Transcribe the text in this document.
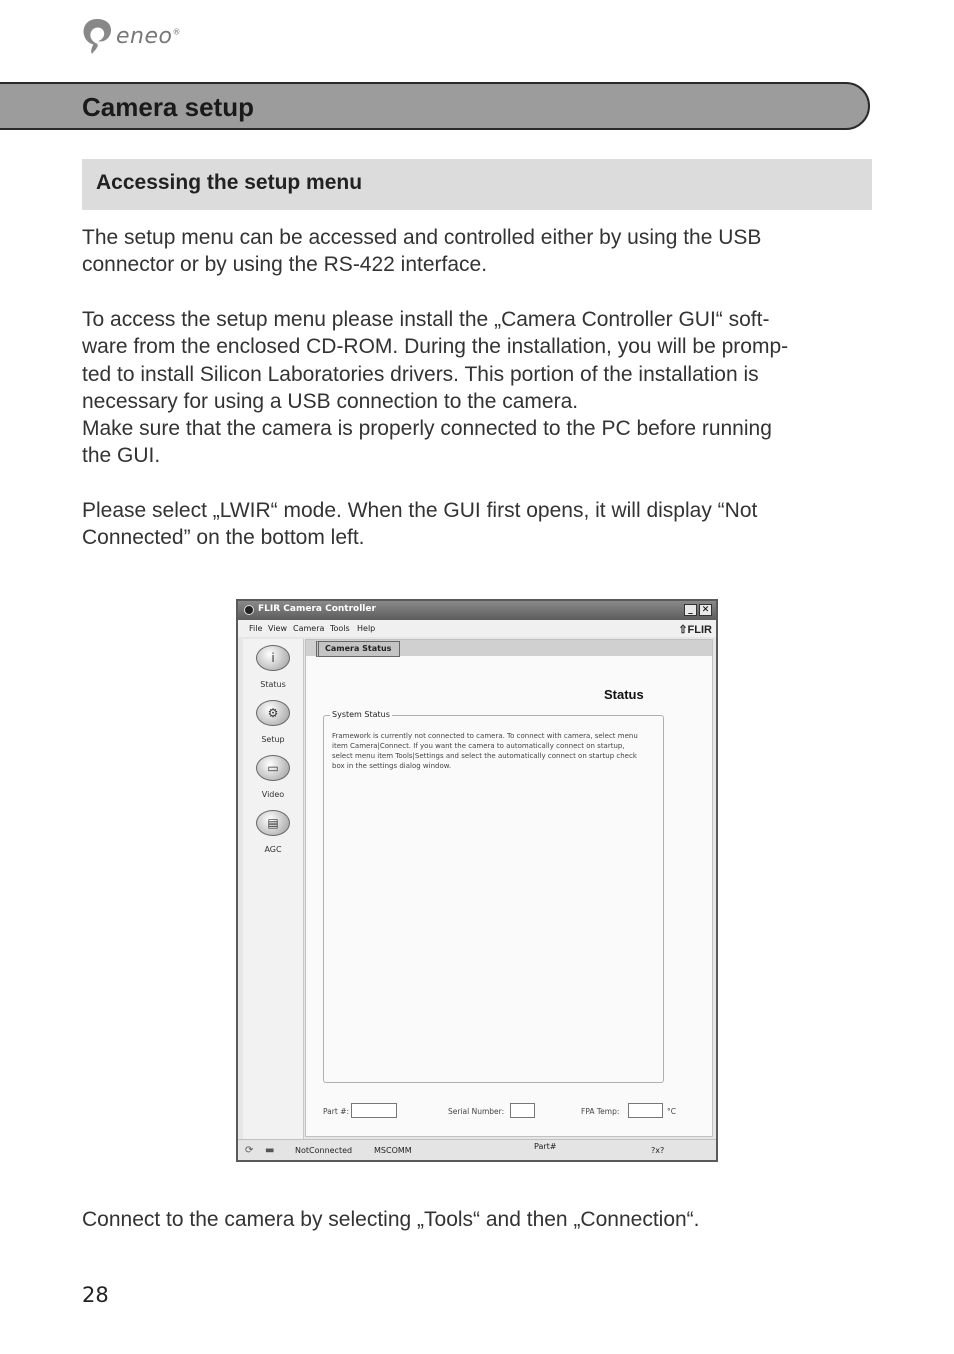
eneo®
Camera setup
Accessing the setup menu

The setup menu can be accessed and controlled either by using the USB
connector or by using the RS-422 interface.

To access the setup menu please install the „Camera Controller GUI“ soft-
ware from the enclosed CD-ROM. During the installation, you will be promp-
ted to install Silicon Laboratories drivers. This portion of the installation is
necessary for using a USB connection to the camera.
Make sure that the camera is properly connected to the PC before running
the GUI.

Please select „LWIR“ mode. When the GUI first opens, it will display “Not
Connected” on the bottom left.

FLIR Camera Controller	_ ✕
File View Camera Tools Help	⇧FLIR
i
Status
⚙
Setup
▭
Video
▤
AGC
Camera Status
Status
System Status

Framework is currently not connected to camera. To connect with camera, select menu item Camera|Connect. If you want the camera to automatically connect on startup, select menu item Tools|Settings and select the automatically connect on startup check box in the settings dialog window.

Part #:	Serial Number:	FPA Temp:	°C
⟳ ▬	NotConnected	MSCOMM	Part#	?x?

Connect to the camera by selecting „Tools“ and then „Connection“.

28
